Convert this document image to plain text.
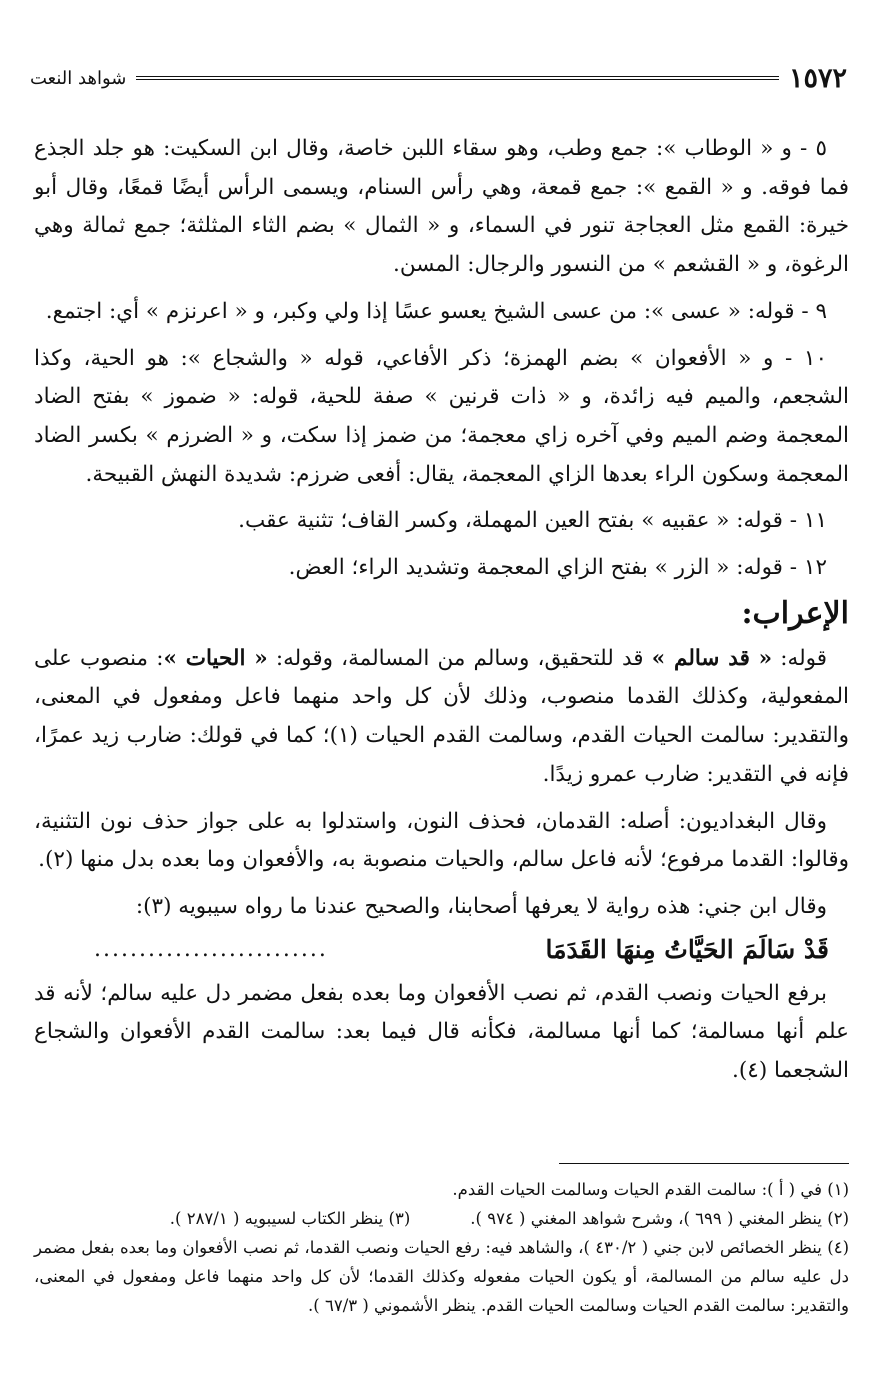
١٥٧٢
شواهد النعت

٥ - و « الوطاب »: جمع وطب، وهو سقاء اللبن خاصة، وقال ابن السكيت: هو جلد الجذع فما فوقه. و « القمع »: جمع قمعة، وهي رأس السنام، ويسمى الرأس أيضًا قمعًا، وقال أبو خيرة: القمع مثل العجاجة تنور في السماء، و « الثمال » بضم الثاء المثلثة؛ جمع ثمالة وهي الرغوة، و « القشعم » من النسور والرجال: المسن.

٩ - قوله: « عسى »: من عسى الشيخ يعسو عسًا إذا ولي وكبر، و « اعرنزم » أي: اجتمع.

١٠ - و « الأفعوان » بضم الهمزة؛ ذكر الأفاعي، قوله « والشجاع »: هو الحية، وكذا الشجعم، والميم فيه زائدة، و « ذات قرنين » صفة للحية، قوله: « ضموز » بفتح الضاد المعجمة وضم الميم وفي آخره زاي معجمة؛ من ضمز إذا سكت، و « الضرزم » بكسر الضاد المعجمة وسكون الراء بعدها الزاي المعجمة، يقال: أفعى ضرزم: شديدة النهش القبيحة.

١١ - قوله: « عقبيه » بفتح العين المهملة، وكسر القاف؛ تثنية عقب.

١٢ - قوله: « الزر » بفتح الزاي المعجمة وتشديد الراء؛ العض.

الإعراب:

قوله: « قد سالم » قد للتحقيق، وسالم من المسالمة، وقوله: « الحيات »: منصوب على المفعولية، وكذلك القدما منصوب، وذلك لأن كل واحد منهما فاعل ومفعول في المعنى، والتقدير: سالمت الحيات القدم، وسالمت القدم الحيات (١)؛ كما في قولك: ضارب زيد عمرًا، فإنه في التقدير: ضارب عمرو زيدًا.

وقال البغداديون: أصله: القدمان، فحذف النون، واستدلوا به على جواز حذف نون التثنية، وقالوا: القدما مرفوع؛ لأنه فاعل سالم، والحيات منصوبة به، والأفعوان وما بعده بدل منها (٢).

وقال ابن جني: هذه رواية لا يعرفها أصحابنا، والصحيح عندنا ما رواه سيبويه (٣):

قَدْ سَالَمَ الحَيَّاتُ مِنهَا القَدَمَا
..........................

برفع الحيات ونصب القدم، ثم نصب الأفعوان وما بعده بفعل مضمر دل عليه سالم؛ لأنه قد علم أنها مسالمة؛ كما أنها مسالمة، فكأنه قال فيما بعد: سالمت القدم الأفعوان والشجاع الشجعما (٤).

(١) في ( أ ): سالمت القدم الحيات وسالمت الحيات القدم.

(٢) ينظر المغني ( ٦٩٩ )، وشرح شواهد المغني ( ٩٧٤ ).
(٣) ينظر الكتاب لسيبويه ( ٢٨٧/١ ).

(٤) ينظر الخصائص لابن جني ( ٤٣٠/٢ )، والشاهد فيه: رفع الحيات ونصب القدما، ثم نصب الأفعوان وما بعده بفعل مضمر دل عليه سالم من المسالمة، أو يكون الحيات مفعوله وكذلك القدما؛ لأن كل واحد منهما فاعل ومفعول في المعنى، والتقدير: سالمت القدم الحيات وسالمت الحيات القدم. ينظر الأشموني ( ٦٧/٣ ).
